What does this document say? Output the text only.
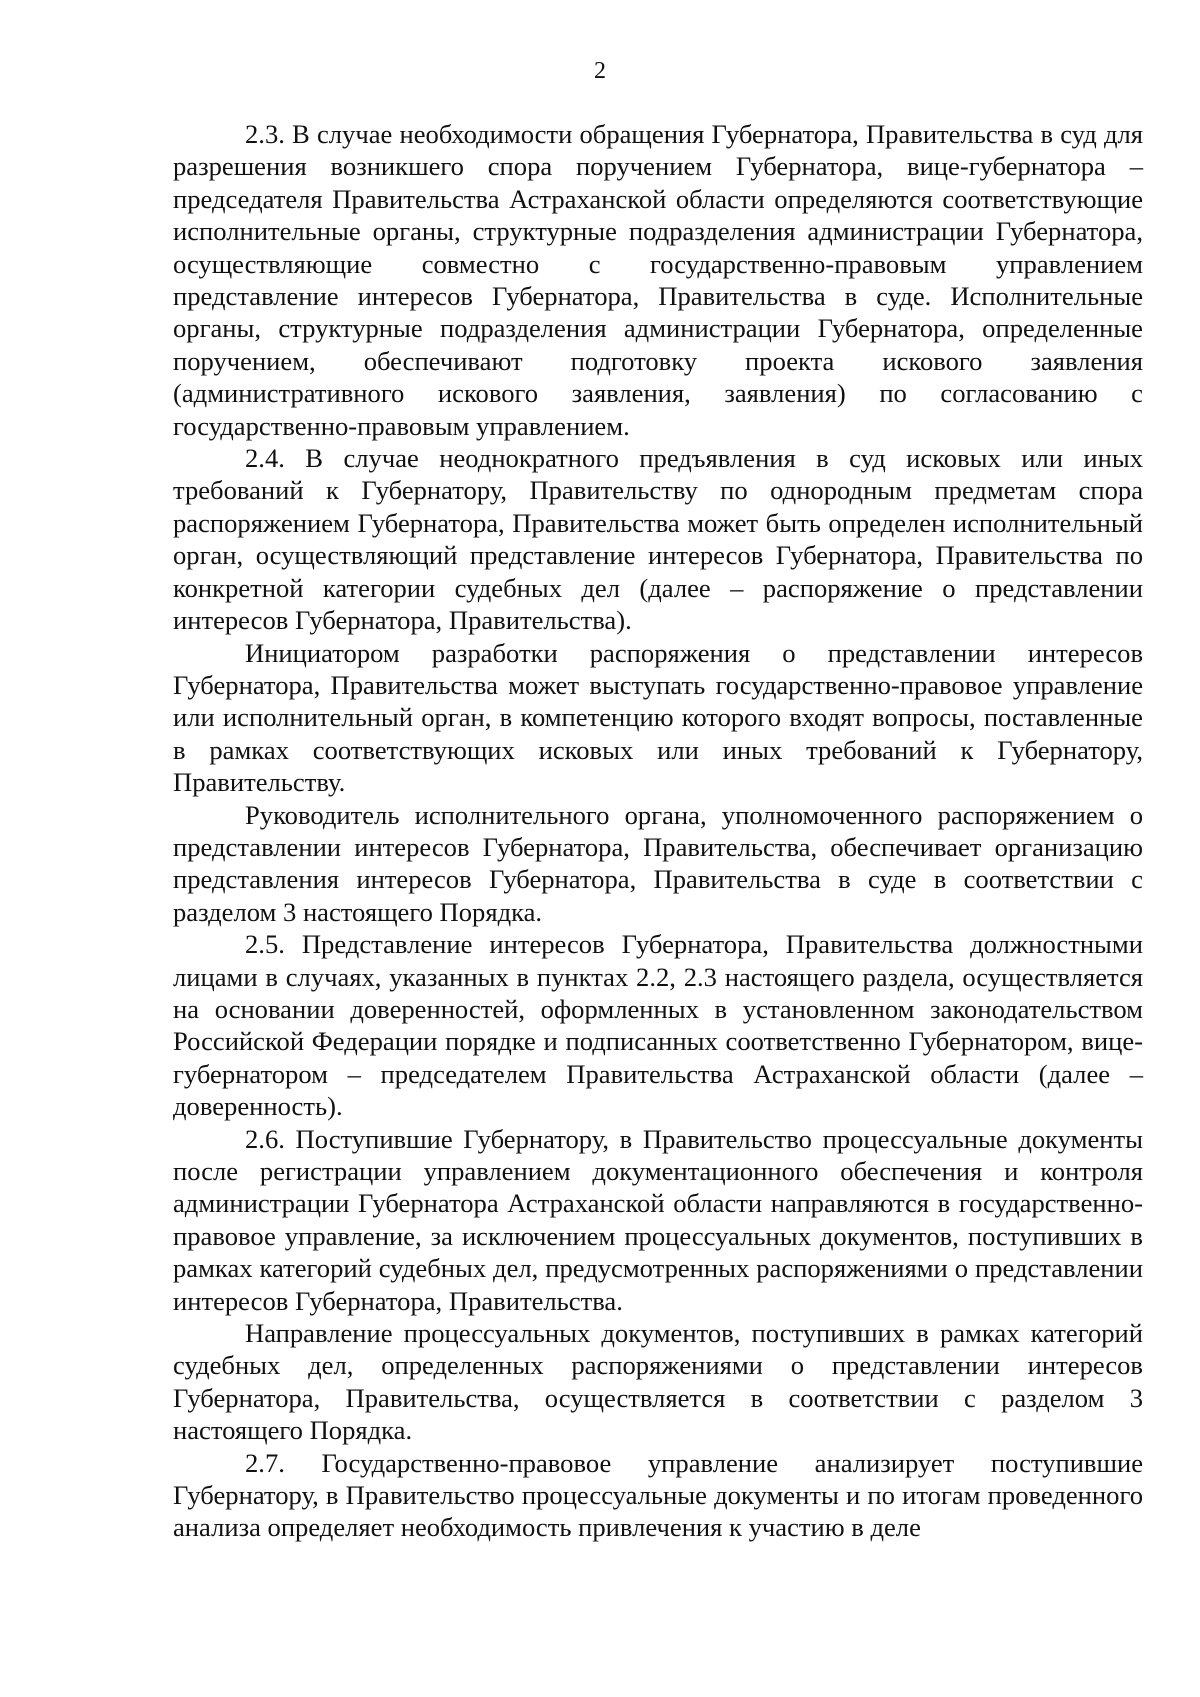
2

2.3. В случае необходимости обращения Губернатора, Правительства в суд для разрешения возникшего спора поручением Губернатора, вице-губернатора – председателя Правительства Астраханской области определяются соответствующие исполнительные органы, структурные подразделения администрации Губернатора, осуществляющие совместно с государственно-правовым управлением представление интересов Губернатора, Правительства в суде. Исполнительные органы, структурные подразделения администрации Губернатора, определенные поручением, обеспечивают подготовку проекта искового заявления (административного искового заявления, заявления) по согласованию с государственно-правовым управлением.

2.4. В случае неоднократного предъявления в суд исковых или иных требований к Губернатору, Правительству по однородным предметам спора распоряжением Губернатора, Правительства может быть определен исполнительный орган, осуществляющий представление интересов Губернатора, Правительства по конкретной категории судебных дел (далее – распоряжение о представлении интересов Губернатора, Правительства).

Инициатором разработки распоряжения о представлении интересов Губернатора, Правительства может выступать государственно-правовое управление или исполнительный орган, в компетенцию которого входят вопросы, поставленные в рамках соответствующих исковых или иных требований к Губернатору, Правительству.

Руководитель исполнительного органа, уполномоченного распоряжением о представлении интересов Губернатора, Правительства, обеспечивает организацию представления интересов Губернатора, Правительства в суде в соответствии с разделом 3 настоящего Порядка.

2.5. Представление интересов Губернатора, Правительства должностными лицами в случаях, указанных в пунктах 2.2, 2.3 настоящего раздела, осуществляется на основании доверенностей, оформленных в установленном законодательством Российской Федерации порядке и подписанных соответственно Губернатором, вице-губернатором – председателем Правительства Астраханской области (далее – доверенность).

2.6. Поступившие Губернатору, в Правительство процессуальные документы после регистрации управлением документационного обеспечения и контроля администрации Губернатора Астраханской области направляются в государственно-правовое управление, за исключением процессуальных документов, поступивших в рамках категорий судебных дел, предусмотренных распоряжениями о представлении интересов Губернатора, Правительства.

Направление процессуальных документов, поступивших в рамках категорий судебных дел, определенных распоряжениями о представлении интересов Губернатора, Правительства, осуществляется в соответствии с разделом 3 настоящего Порядка.

2.7. Государственно-правовое управление анализирует поступившие Губернатору, в Правительство процессуальные документы и по итогам проведенного анализа определяет необходимость привлечения к участию в деле
